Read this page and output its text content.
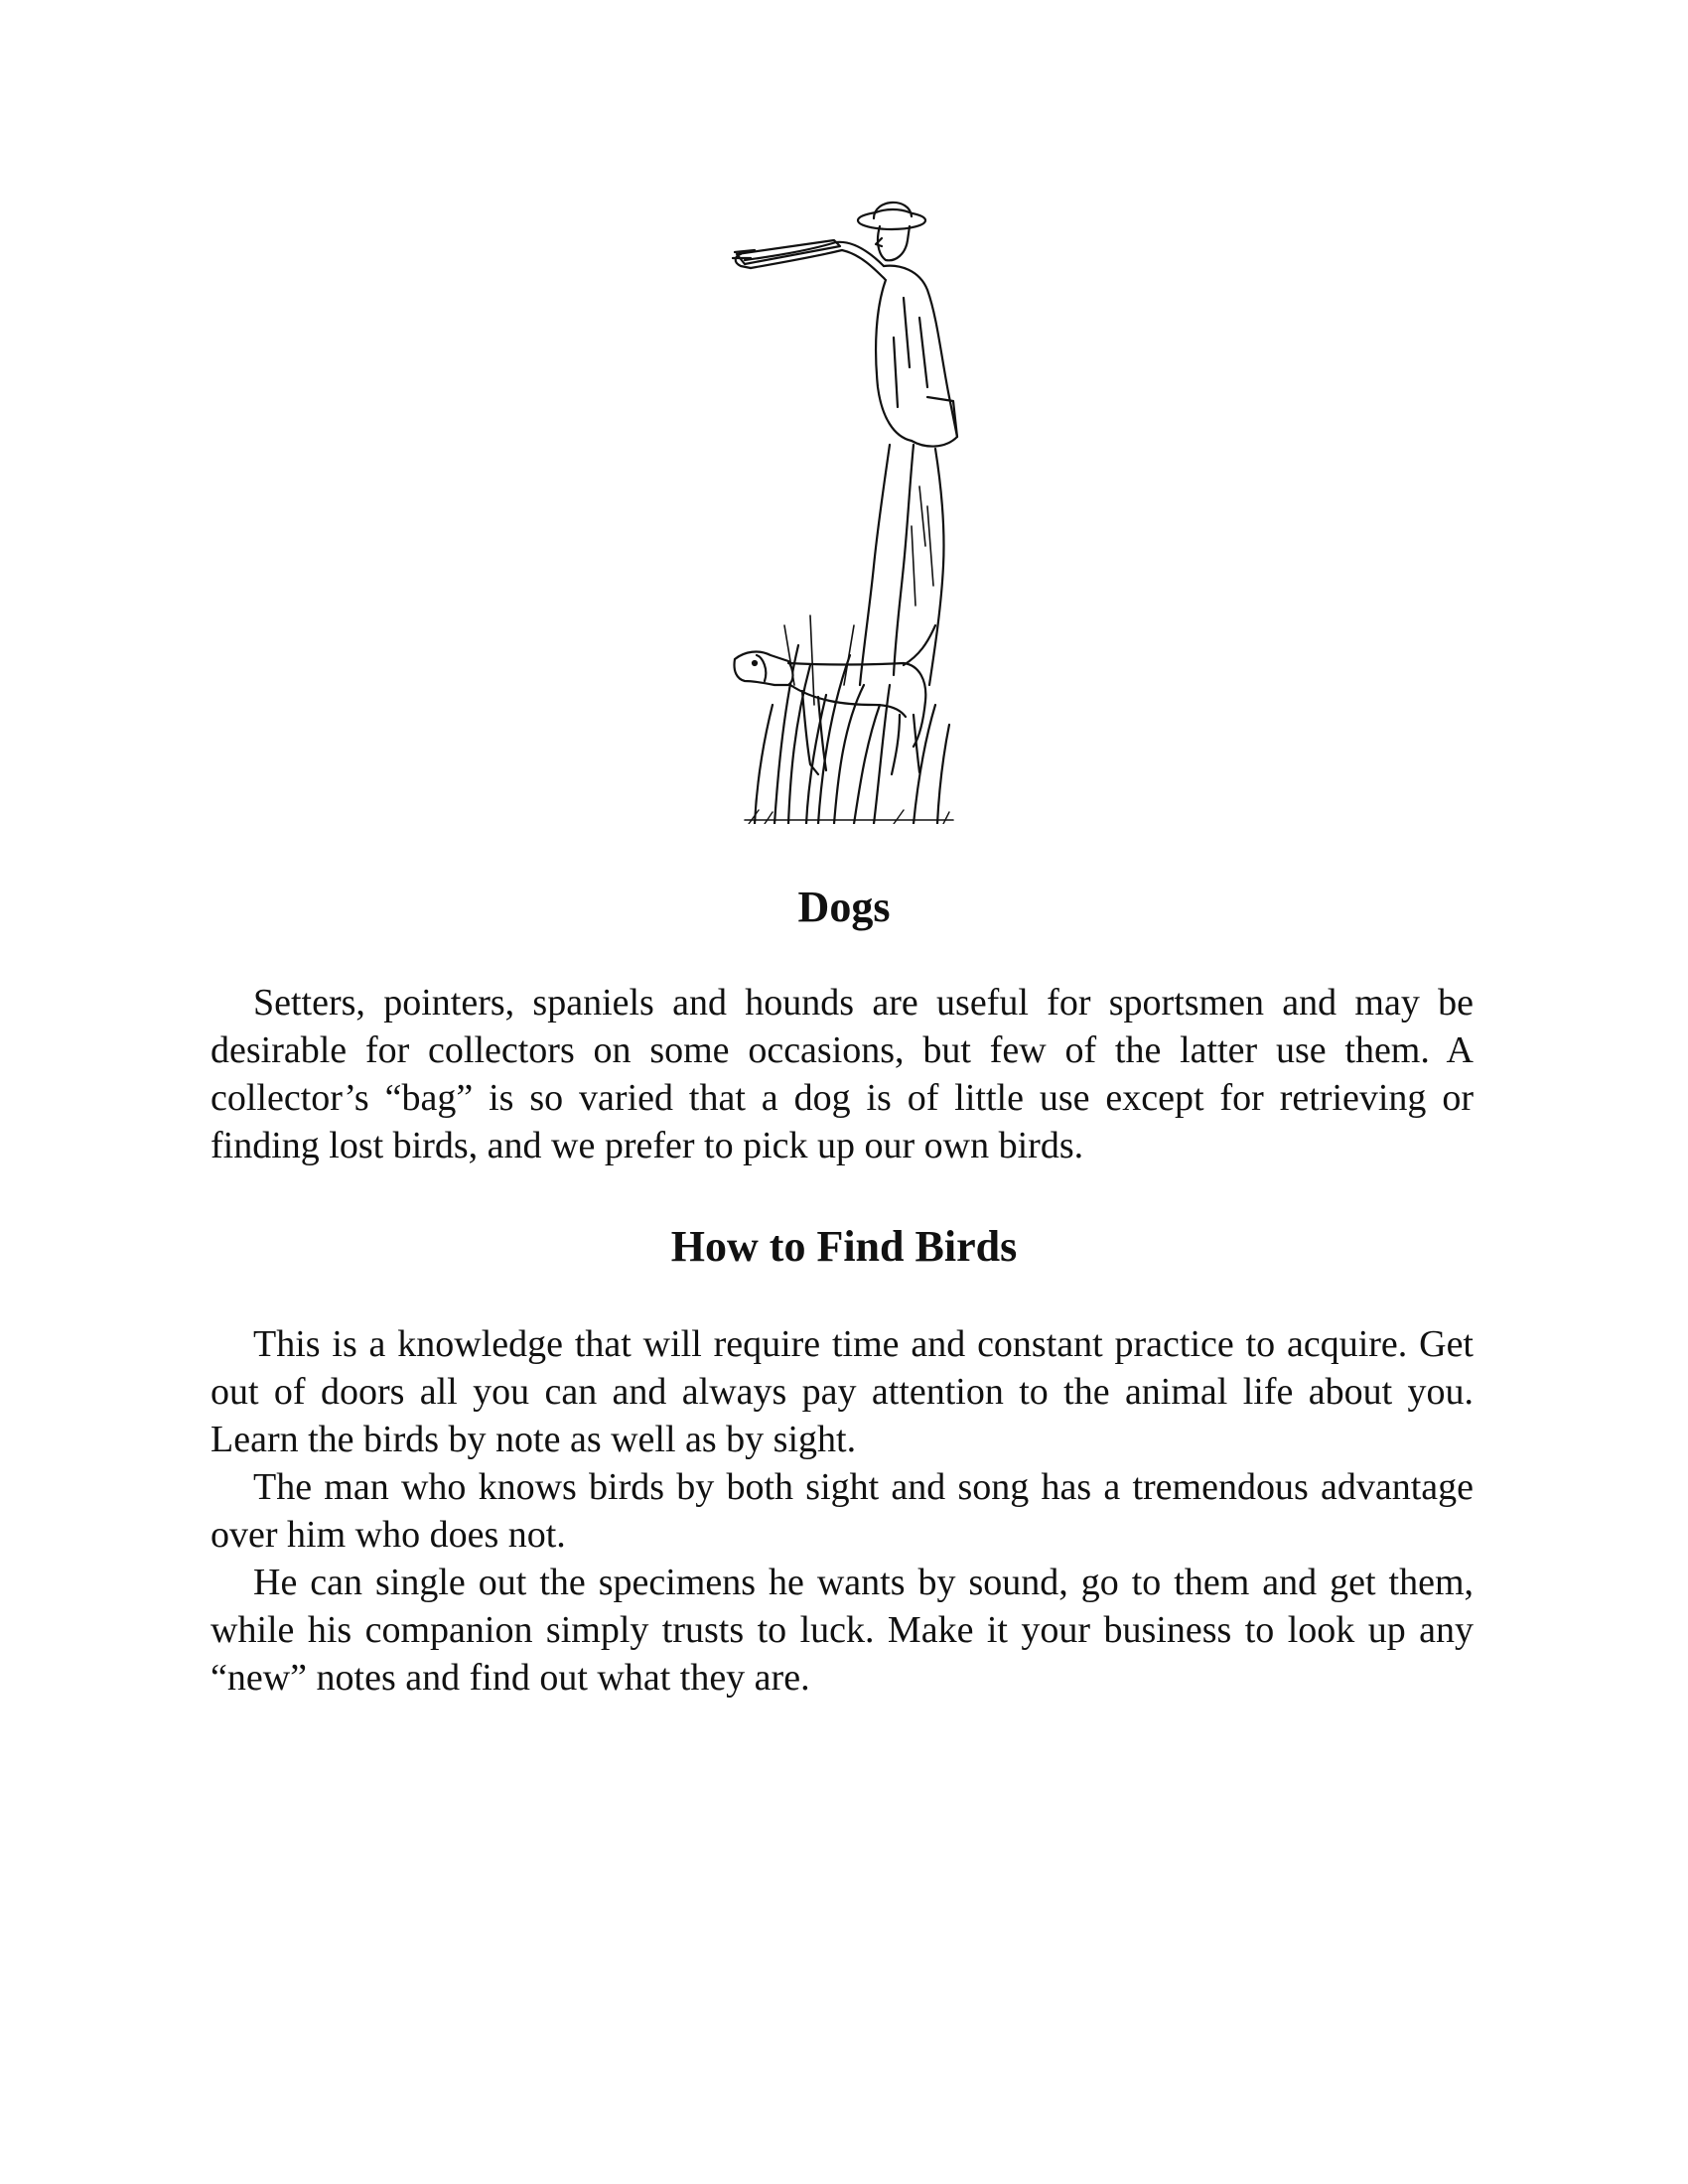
Dogs

Setters, pointers, spaniels and hounds are useful for sportsmen and may be desirable for collectors on some occasions, but few of the latter use them. A collector’s “bag” is so varied that a dog is of little use except for retrieving or finding lost birds, and we prefer to pick up our own birds.

How to Find Birds

This is a knowledge that will require time and constant practice to acquire. Get out of doors all you can and always pay attention to the animal life about you. Learn the birds by note as well as by sight.

The man who knows birds by both sight and song has a tremendous advantage over him who does not.

He can single out the specimens he wants by sound, go to them and get them, while his companion simply trusts to luck. Make it your business to look up any “new” notes and find out what they are.
